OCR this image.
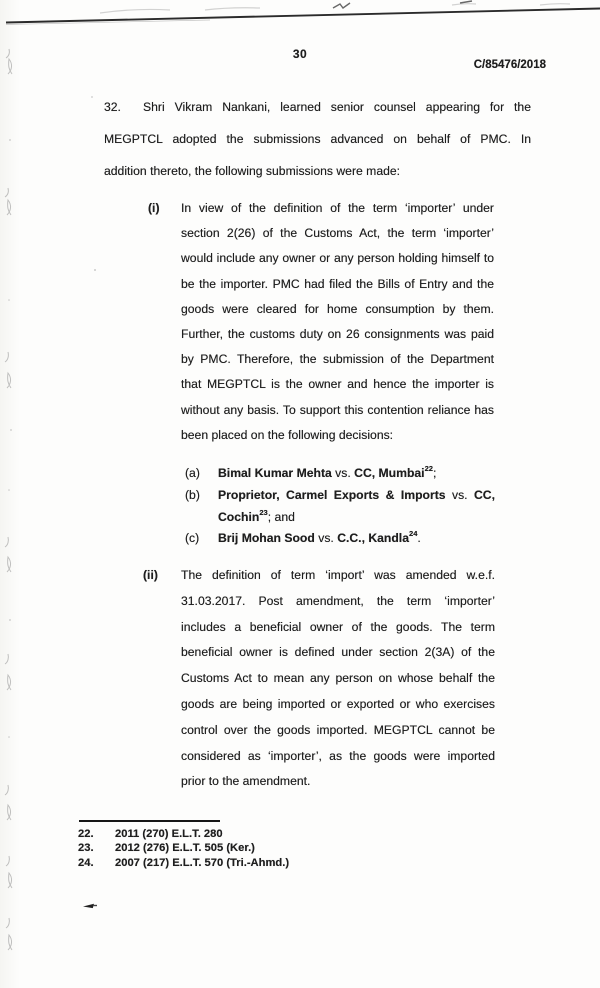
30
C/85476/2018
32. Shri Vikram Nankani, learned senior counsel appearing for the
MEGPTCL adopted the submissions advanced on behalf of PMC. In
addition thereto, the following submissions were made:
(i) In view of the definition of the term ‘importer’ under
section 2(26) of the Customs Act, the term ‘importer’
would include any owner or any person holding himself to
be the importer. PMC had filed the Bills of Entry and the
goods were cleared for home consumption by them.
Further, the customs duty on 26 consignments was paid
by PMC. Therefore, the submission of the Department
that MEGPTCL is the owner and hence the importer is
without any basis. To support this contention reliance has
been placed on the following decisions:
(a) Bimal Kumar Mehta vs. CC, Mumbai$^{22}$;
(b) Proprietor, Carmel Exports & Imports vs. CC,
Cochin$^{23}$; and
(c) Brij Mohan Sood vs. C.C., Kandla$^{24}$.
(ii) The definition of term ‘import’ was amended w.e.f.
31.03.2017. Post amendment, the term ‘importer’
includes a beneficial owner of the goods. The term
beneficial owner is defined under section 2(3A) of the
Customs Act to mean any person on whose behalf the
goods are being imported or exported or who exercises
control over the goods imported. MEGPTCL cannot be
considered as ‘importer’, as the goods were imported
prior to the amendment.
22.	2011 (270) E.L.T. 280
23.	2012 (276) E.L.T. 505 (Ker.)
24.	2007 (217) E.L.T. 570 (Tri.-Ahmd.)
